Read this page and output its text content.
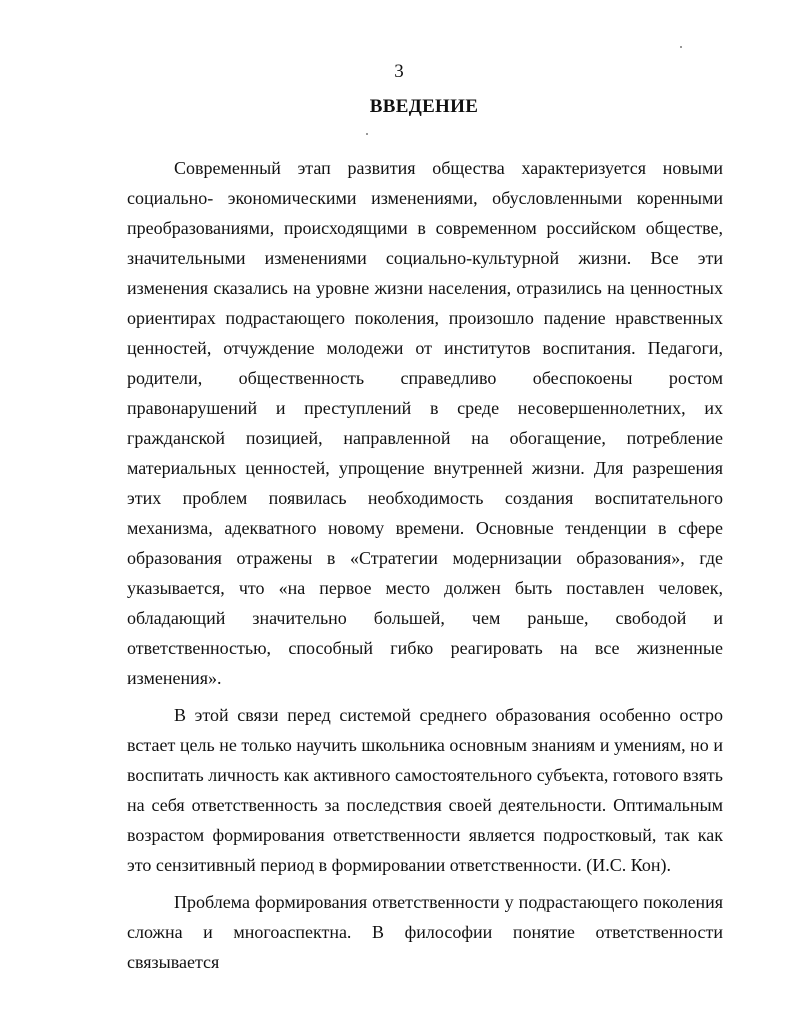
3
ВВЕДЕНИЕ

Современный этап развития общества характеризуется новыми социально- экономическими изменениями, обусловленными коренными преобразованиями, происходящими в современном российском обществе, значительными изменениями социально-культурной жизни. Все эти изменения сказались на уровне жизни населения, отразились на ценностных ориентирах подрастающего поколения, произошло падение нравственных ценностей, отчуждение молодежи от институтов воспитания. Педагоги, родители, общественность справедливо обеспокоены ростом правонарушений и преступлений в среде несовершеннолетних, их гражданской позицией, направленной на обогащение, потребление материальных ценностей, упрощение внутренней жизни. Для разрешения этих проблем появилась необходимость создания воспитательного механизма, адекватного новому времени. Основные тенденции в сфере образования отражены в «Стратегии модернизации образования», где указывается, что «на первое место должен быть поставлен человек, обладающий значительно большей, чем раньше, свободой и ответственностью, способный гибко реагировать на все жизненные изменения».

В этой связи перед системой среднего образования особенно остро встает цель не только научить школьника основным знаниям и умениям, но и воспитать личность как активного самостоятельного субъекта, готового взять на себя ответственность за последствия своей деятельности. Оптимальным возрастом формирования ответственности является подростковый, так как это сензитивный период в формировании ответственности. (И.С. Кон).

Проблема формирования ответственности у подрастающего поколения сложна и многоаспектна. В философии понятие ответственности связывается
